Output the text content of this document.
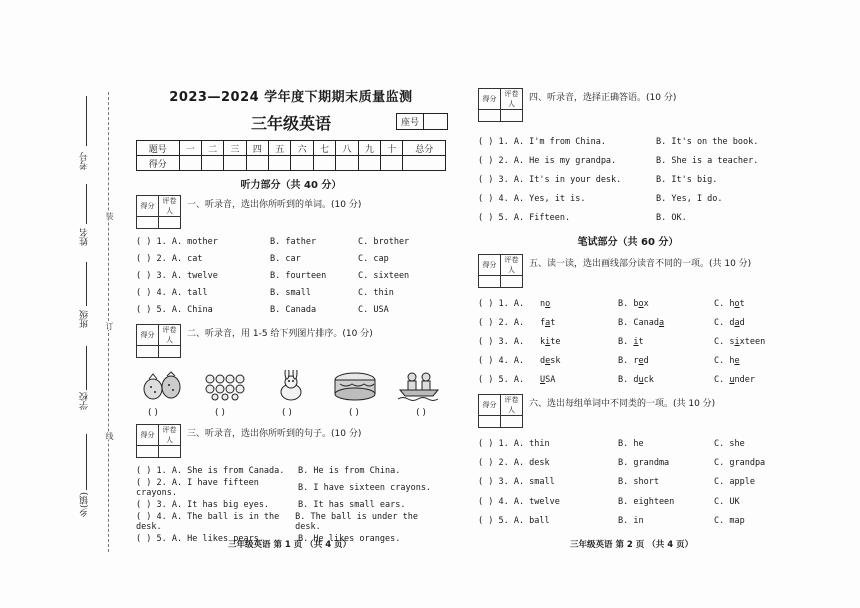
考号
姓名
班级
学校
乡(镇)
装
订
线
2023—2024 学年度下期期末质量监测
三年级英语	座号
题号	一	二	三	四	五	六	七	八	九	十	总分
得分											
听力部分（共 40 分）
得分	评卷人

一、听录音，选出你所听到的单词。(10 分)
( ) 1. A. mother	B. father	C. brother
( ) 2. A. cat	B. car	C. cap
( ) 3. A. twelve	B. fourteen	C. sixteen
( ) 4. A. tall	B. small	C. thin
( ) 5. A. China	B. Canada	C. USA
得分	评卷人

二、听录音，用 1-5 给下列图片排序。(10 分)
( )	( )	( )	( )	( )
得分	评卷人

三、听录音，选出你所听到的句子。(10 分)
( ) 1. A. She is from Canada.	B. He is from China.
( ) 2. A. I have fifteen crayons.	B. I have sixteen crayons.
( ) 3. A. It has big eyes.	B. It has small ears.
( ) 4. A. The ball is in the desk.
B. The ball is under the desk.
( ) 5. A. He likes pears.	B. He likes oranges.
三年级英语 第 1 页 （共 4 页）
得分	评卷人

四、听录音，选择正确答语。(10 分)
( ) 1. A. I'm from China.	B. It's on the book.
( ) 2. A. He is my grandpa.	B. She is a teacher.
( ) 3. A. It's in your desk.	B. It's big.
( ) 4. A. Yes, it is.	B. Yes, I do.
( ) 5. A. Fifteen.	B. OK.
笔试部分（共 60 分）
得分	评卷人

五、读一读，选出画线部分读音不同的一项。(共 10 分)
( ) 1. A.	no	B. box	C. hot
( ) 2. A.	fat	B. Canada	C. dad
( ) 3. A.	kite	B. it	C. sixteen
( ) 4. A.	desk	B. red	C. he
( ) 5. A.	USA	B. duck	C. under
得分	评卷人

六、选出每组单词中不同类的一项。(共 10 分)
( ) 1. A. thin	B. he	C. she
( ) 2. A. desk	B. grandma	C. grandpa
( ) 3. A. small	B. short	C. apple
( ) 4. A. twelve	B. eighteen	C. UK
( ) 5. A. ball	B. in	C. map
三年级英语 第 2 页 （共 4 页）
